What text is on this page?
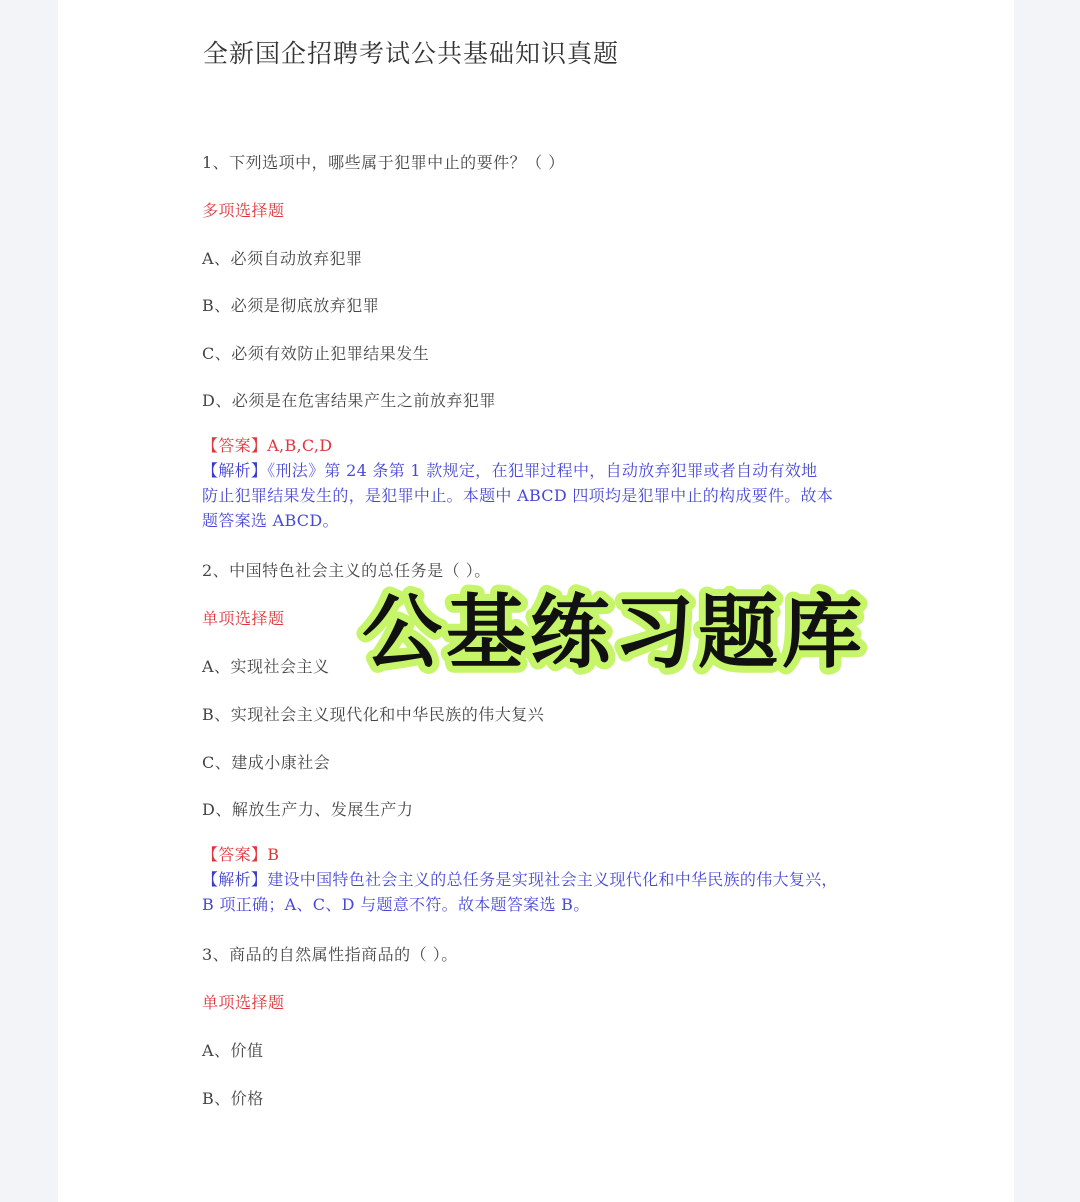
全新国企招聘考试公共基础知识真题
1、下列选项中，哪些属于犯罪中止的要件？（ ）
多项选择题
A、必须自动放弃犯罪
B、必须是彻底放弃犯罪
C、必须有效防止犯罪结果发生
D、必须是在危害结果产生之前放弃犯罪
【答案】A,B,C,D
【解析】《刑法》第 24 条第 1 款规定，在犯罪过程中，自动放弃犯罪或者自动有效地
防止犯罪结果发生的，是犯罪中止。本题中 ABCD 四项均是犯罪中止的构成要件。故本
题答案选 ABCD。
2、中国特色社会主义的总任务是（ ）。
单项选择题
A、实现社会主义
B、实现社会主义现代化和中华民族的伟大复兴
C、建成小康社会
D、解放生产力、发展生产力
【答案】B
【解析】建设中国特色社会主义的总任务是实现社会主义现代化和中华民族的伟大复兴，
B 项正确；A、C、D 与题意不符。故本题答案选 B。
3、商品的自然属性指商品的（ ）。
单项选择题
A、价值
B、价格
公基练习题库
